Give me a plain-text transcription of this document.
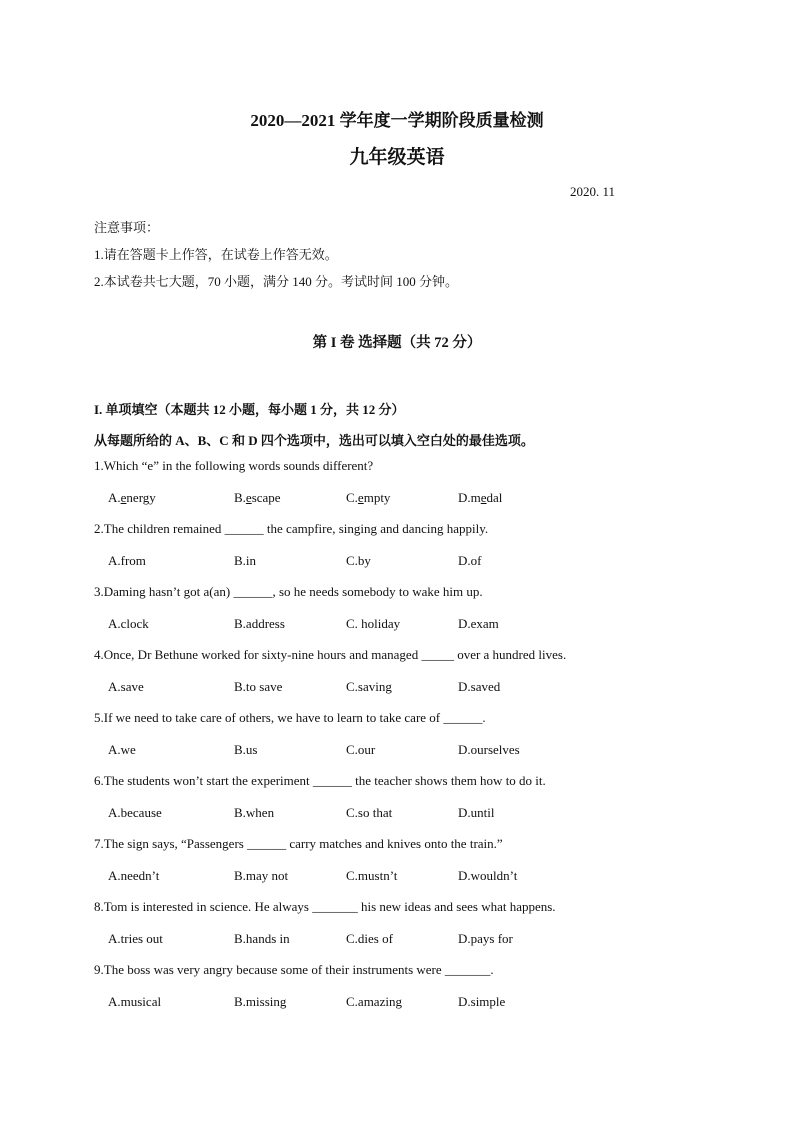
2020—2021 学年度一学期阶段质量检测
九年级英语
2020. 11
注意事项：
1.请在答题卡上作答，在试卷上作答无效。
2.本试卷共七大题，70 小题，满分 140 分。考试时间 100 分钟。
第 I 卷 选择题（共 72 分）
I. 单项填空（本题共 12 小题，每小题 1 分，共 12 分）
从每题所给的 A、B、C 和 D 四个选项中，选出可以填入空白处的最佳选项。
1.Which “e” in the following words sounds different?
A.energy	B.escape	C.empty	D.medal
2.The children remained ______ the campfire, singing and dancing happily.
A.from	B.in	C.by	D.of
3.Daming hasn’t got a(an) ______, so he needs somebody to wake him up.
A.clock	B.address	C. holiday	D.exam
4.Once, Dr Bethune worked for sixty-nine hours and managed _____ over a hundred lives.
A.save	B.to save	C.saving	D.saved
5.If we need to take care of others, we have to learn to take care of ______.
A.we	B.us	C.our	D.ourselves
6.The students won’t start the experiment ______ the teacher shows them how to do it.
A.because	B.when	C.so that	D.until
7.The sign says, “Passengers ______ carry matches and knives onto the train.”
A.needn’t	B.may not	C.mustn’t	D.wouldn’t
8.Tom is interested in science. He always _______ his new ideas and sees what happens.
A.tries out	B.hands in	C.dies of	D.pays for
9.The boss was very angry because some of their instruments were _______.
A.musical	B.missing	C.amazing	D.simple
